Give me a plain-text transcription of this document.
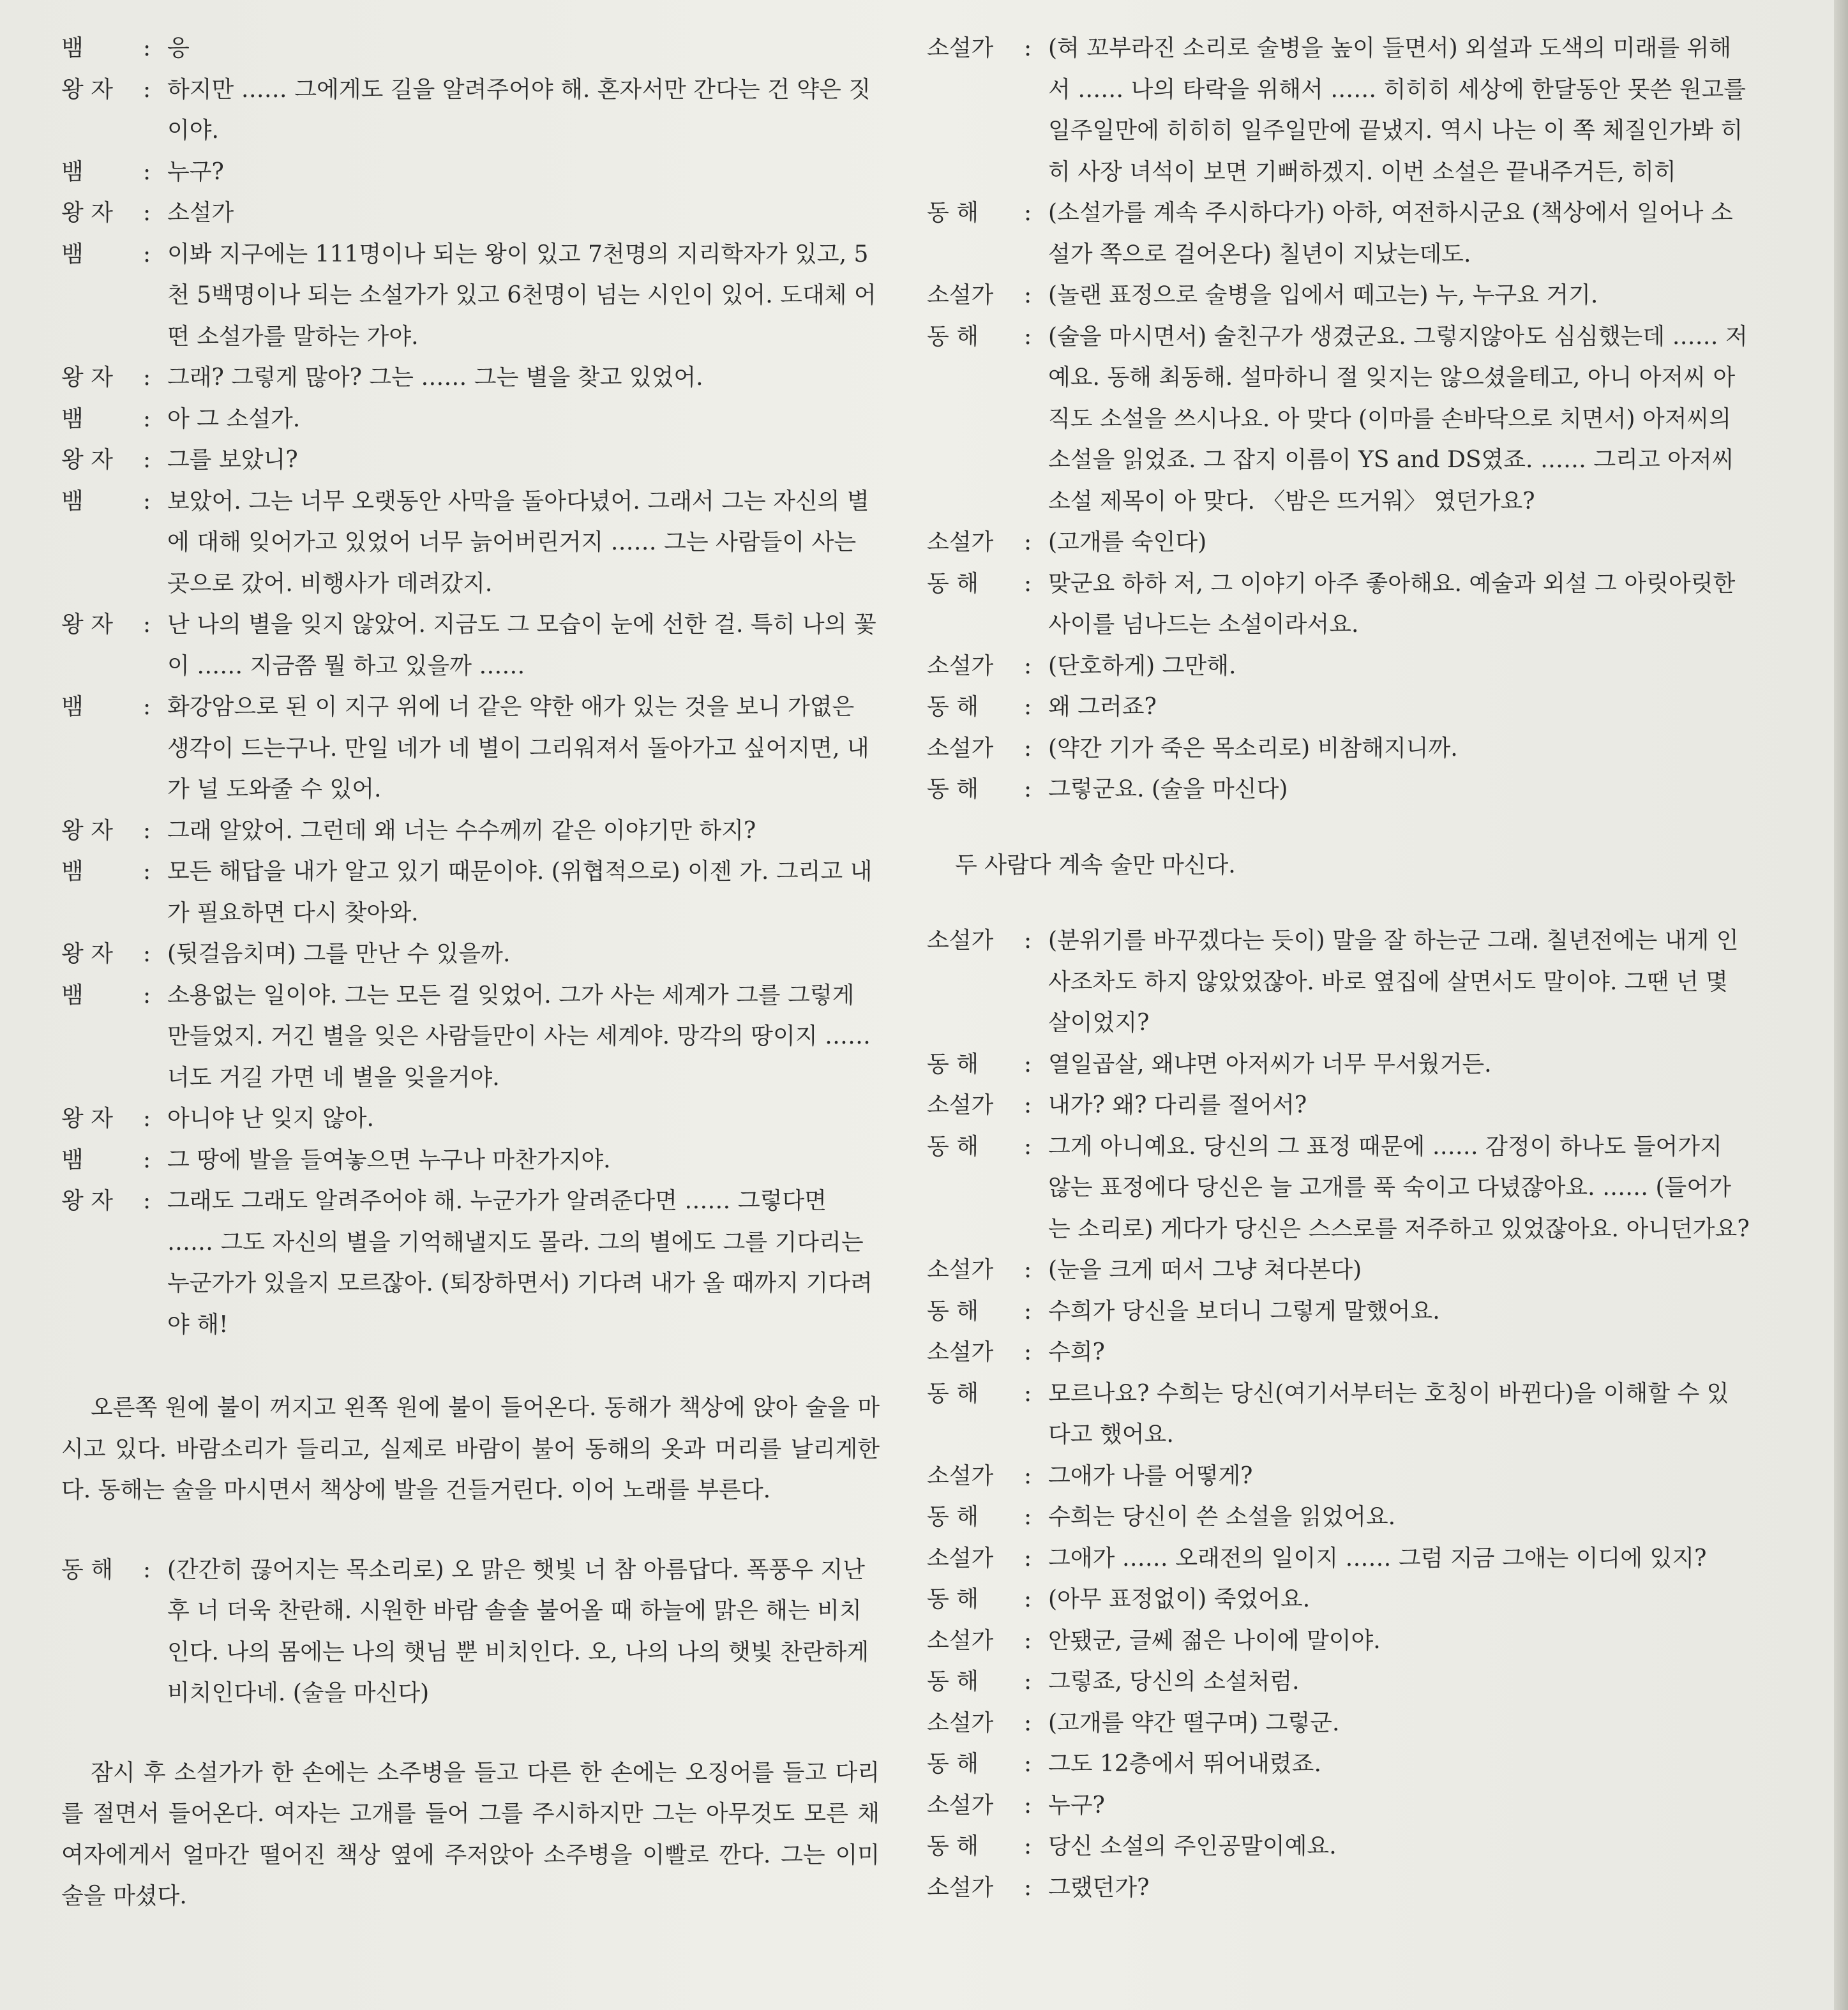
뱀	: 응
왕 자	: 하지만 …… 그에게도 길을 알려주어야 해. 혼자서만 간다는 건 약은 짓이야.
뱀	: 누구?
왕 자	: 소설가
뱀	: 이봐 지구에는 111명이나 되는 왕이 있고 7천명의 지리학자가 있고, 5천 5백명이나 되는 소설가가 있고 6천명이 넘는 시인이 있어. 도대체 어떤 소설가를 말하는 가야.
왕 자	: 그래? 그렇게 많아? 그는 …… 그는 별을 찾고 있었어.
뱀	: 아 그 소설가.
왕 자	: 그를 보았니?
뱀	: 보았어. 그는 너무 오랫동안 사막을 돌아다녔어. 그래서 그는 자신의 별에 대해 잊어가고 있었어 너무 늙어버린거지 …… 그는 사람들이 사는 곳으로 갔어. 비행사가 데려갔지.
왕 자	: 난 나의 별을 잊지 않았어. 지금도 그 모습이 눈에 선한 걸. 특히 나의 꽃이 …… 지금쯤 뭘 하고 있을까 ……
뱀	: 화강암으로 된 이 지구 위에 너 같은 약한 애가 있는 것을 보니 가엾은 생각이 드는구나. 만일 네가 네 별이 그리워져서 돌아가고 싶어지면, 내가 널 도와줄 수 있어.
왕 자	: 그래 알았어. 그런데 왜 너는 수수께끼 같은 이야기만 하지?
뱀	: 모든 해답을 내가 알고 있기 때문이야. (위협적으로) 이젠 가. 그리고 내가 필요하면 다시 찾아와.
왕 자	: (뒷걸음치며) 그를 만난 수 있을까.
뱀	: 소용없는 일이야. 그는 모든 걸 잊었어. 그가 사는 세계가 그를 그렇게 만들었지. 거긴 별을 잊은 사람들만이 사는 세계야. 망각의 땅이지 …… 너도 거길 가면 네 별을 잊을거야.
왕 자	: 아니야 난 잊지 않아.
뱀	: 그 땅에 발을 들여놓으면 누구나 마찬가지야.
왕 자	: 그래도 그래도 알려주어야 해. 누군가가 알려준다면 …… 그렇다면 …… 그도 자신의 별을 기억해낼지도 몰라. 그의 별에도 그를 기다리는 누군가가 있을지 모르잖아. (퇴장하면서) 기다려 내가 올 때까지 기다려야 해!

오른쪽 원에 불이 꺼지고 왼쪽 원에 불이 들어온다. 동해가 책상에 앉아 술을 마시고 있다. 바람소리가 들리고, 실제로 바람이 불어 동해의 옷과 머리를 날리게한다. 동해는 술을 마시면서 책상에 발을 건들거린다. 이어 노래를 부른다.

동 해	: (간간히 끊어지는 목소리로) 오 맑은 햇빛 너 참 아름답다. 폭풍우 지난후 너 더욱 찬란해. 시원한 바람 솔솔 불어올 때 하늘에 맑은 해는 비치인다. 나의 몸에는 나의 햇님 뿐 비치인다. 오, 나의 나의 햇빛 찬란하게 비치인다네. (술을 마신다)

잠시 후 소설가가 한 손에는 소주병을 들고 다른 한 손에는 오징어를 들고 다리를 절면서 들어온다. 여자는 고개를 들어 그를 주시하지만 그는 아무것도 모른 채 여자에게서 얼마간 떨어진 책상 옆에 주저앉아 소주병을 이빨로 깐다. 그는 이미 술을 마셨다.

소설가	: (혀 꼬부라진 소리로 술병을 높이 들면서) 외설과 도색의 미래를 위해서 …… 나의 타락을 위해서 …… 히히히 세상에 한달동안 못쓴 원고를 일주일만에 히히히 일주일만에 끝냈지. 역시 나는 이 쪽 체질인가봐 히히 사장 녀석이 보면 기뻐하겠지. 이번 소설은 끝내주거든, 히히
동 해	: (소설가를 계속 주시하다가) 아하, 여전하시군요 (책상에서 일어나 소설가 쪽으로 걸어온다) 칠년이 지났는데도.
소설가	: (놀랜 표정으로 술병을 입에서 떼고는) 누, 누구요 거기.
동 해	: (술을 마시면서) 술친구가 생겼군요. 그렇지않아도 심심했는데 …… 저예요. 동해 최동해. 설마하니 절 잊지는 않으셨을테고, 아니 아저씨 아직도 소설을 쓰시나요. 아 맞다 (이마를 손바닥으로 치면서) 아저씨의 소설을 읽었죠. 그 잡지 이름이 YS and DS였죠. …… 그리고 아저씨 소설 제목이 아 맞다. 〈밤은 뜨거워〉 였던가요?
소설가	: (고개를 숙인다)
동 해	: 맞군요 하하 저, 그 이야기 아주 좋아해요. 예술과 외설 그 아릿아릿한 사이를 넘나드는 소설이라서요.
소설가	: (단호하게) 그만해.
동 해	: 왜 그러죠?
소설가	: (약간 기가 죽은 목소리로) 비참해지니까.
동 해	: 그렇군요. (술을 마신다)

두 사람다 계속 술만 마신다.

소설가	: (분위기를 바꾸겠다는 듯이) 말을 잘 하는군 그래. 칠년전에는 내게 인사조차도 하지 않았었잖아. 바로 옆집에 살면서도 말이야. 그땐 넌 몇 살이었지?
동 해	: 열일곱살, 왜냐면 아저씨가 너무 무서웠거든.
소설가	: 내가? 왜? 다리를 절어서?
동 해	: 그게 아니예요. 당신의 그 표정 때문에 …… 감정이 하나도 들어가지 않는 표정에다 당신은 늘 고개를 푹 숙이고 다녔잖아요. …… (들어가는 소리로) 게다가 당신은 스스로를 저주하고 있었잖아요. 아니던가요?
소설가	: (눈을 크게 떠서 그냥 쳐다본다)
동 해	: 수희가 당신을 보더니 그렇게 말했어요.
소설가	: 수희?
동 해	: 모르나요? 수희는 당신(여기서부터는 호칭이 바뀐다)을 이해할 수 있다고 했어요.
소설가	: 그애가 나를 어떻게?
동 해	: 수희는 당신이 쓴 소설을 읽었어요.
소설가	: 그애가 …… 오래전의 일이지 …… 그럼 지금 그애는 이디에 있지?
동 해	: (아무 표정없이) 죽었어요.
소설가	: 안됐군, 글쎄 젊은 나이에 말이야.
동 해	: 그렇죠, 당신의 소설처럼.
소설가	: (고개를 약간 떨구며) 그렇군.
동 해	: 그도 12층에서 뛰어내렸죠.
소설가	: 누구?
동 해	: 당신 소설의 주인공말이예요.
소설가	: 그랬던가?
